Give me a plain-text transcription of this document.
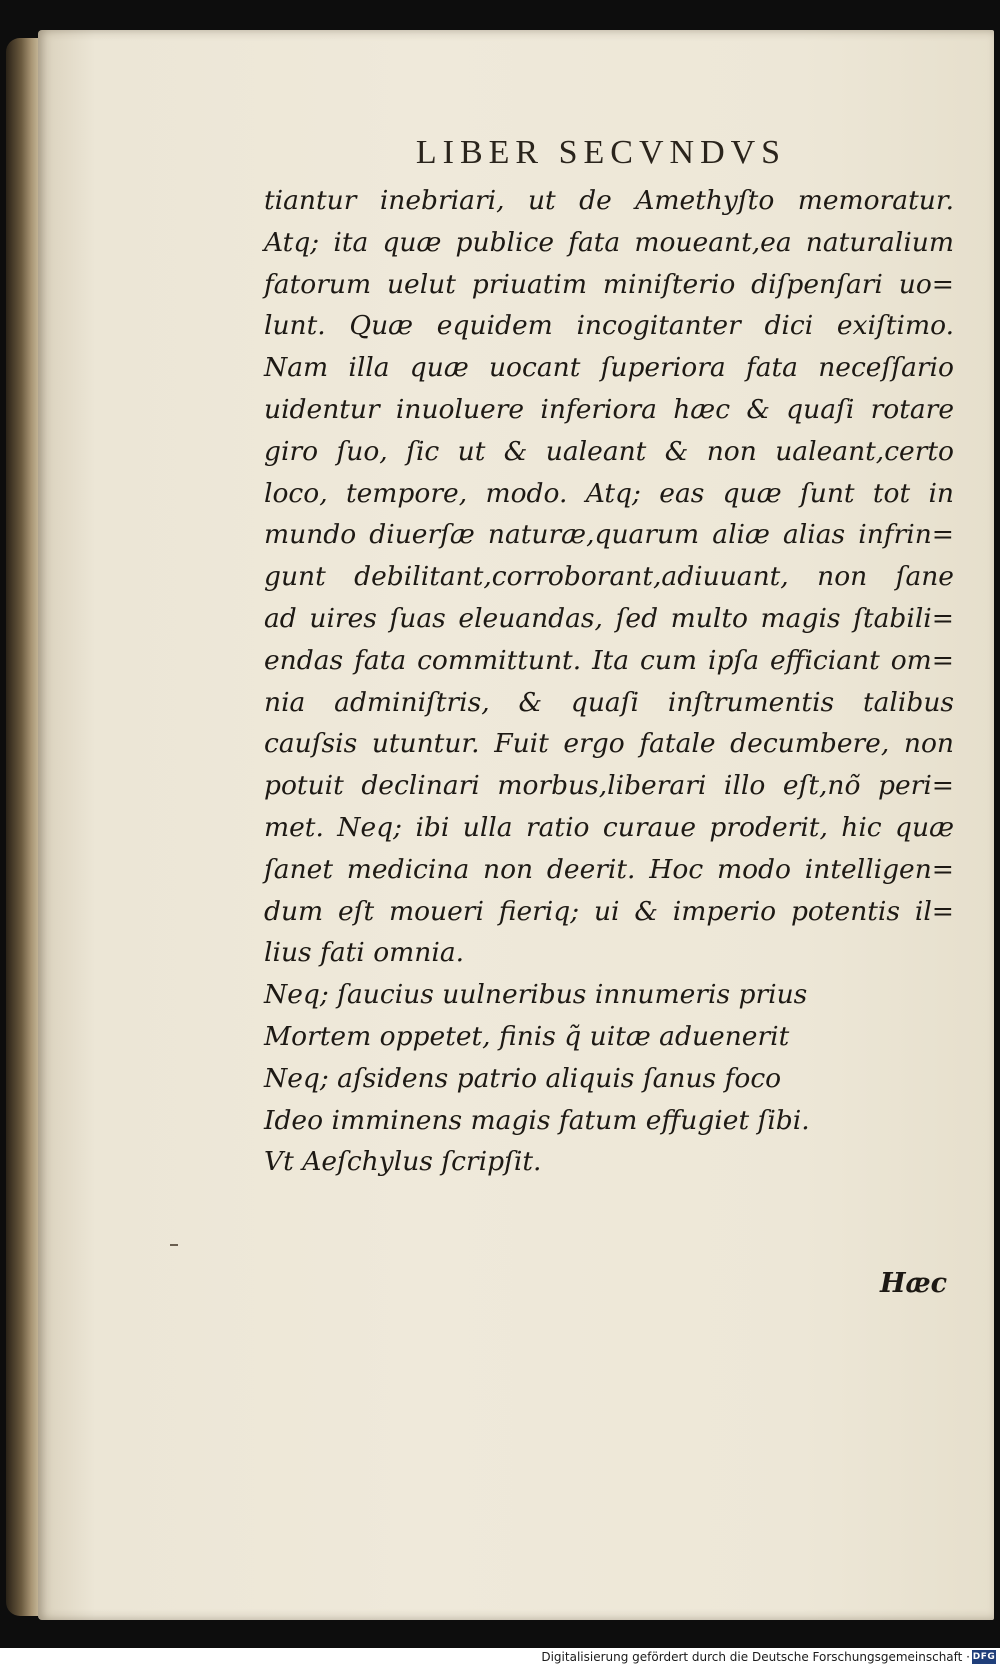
LIBER SECVNDVS
tiantur inebriari, ut de Amethyſto memoratur.
Atq; ita quæ publice fata moueant,ea naturalium
fatorum uelut priuatim miniſterio diſpenſari uo=
lunt. Quæ equidem incogitanter dici exiſtimo.
Nam illa quæ uocant ſuperiora fata neceſſario
uidentur inuoluere inferiora hæc & quaſi rotare
giro ſuo, ſic ut & ualeant & non ualeant,certo
loco, tempore, modo. Atq; eas quæ ſunt tot in
mundo diuerſæ naturæ,quarum aliæ alias infrin=
gunt debilitant,corroborant,adiuuant, non ſane
ad uires ſuas eleuandas, ſed multo magis ſtabili=
endas fata committunt. Ita cum ipſa efficiant om=
nia adminiſtris, & quaſi inſtrumentis talibus
cauſsis utuntur. Fuit ergo fatale decumbere, non
potuit declinari morbus,liberari illo eſt,nõ peri=
met. Neq; ibi ulla ratio curaue proderit, hic quæ
ſanet medicina non deerit. Hoc modo intelligen=
dum eſt moueri fieriq; ui & imperio potentis il=
lius fati omnia.
Neq; ſaucius uulneribus innumeris prius
Mortem oppetet, finis q̃ uitæ aduenerit
Neq; aſsidens patrio aliquis ſanus foco
Ideo imminens magis fatum effugiet ſibi.
Vt Aeſchylus ſcripſit.
Hæc
Digitalisierung gefördert durch die Deutsche Forschungsgemeinschaft · DFG
